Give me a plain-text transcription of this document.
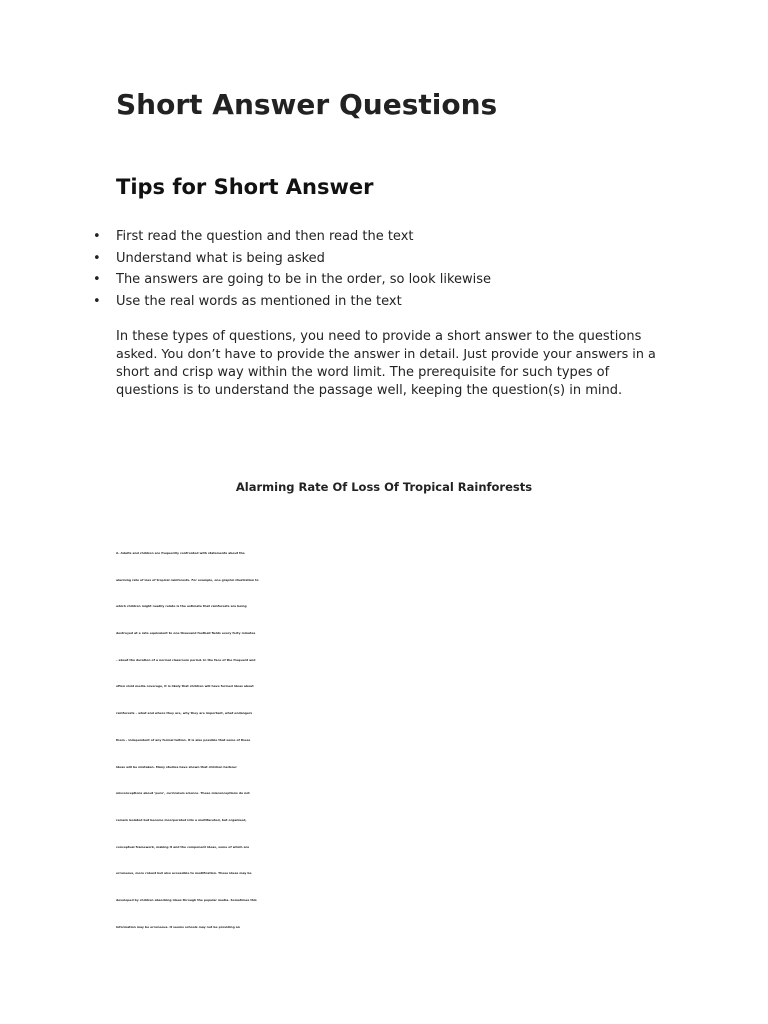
Short Answer Questions
Tips for Short Answer
• First read the question and then read the text
• Understand what is being asked
• The answers are going to be in the order, so look likewise
• Use the real words as mentioned in the text

In these types of questions, you need to provide a short answer to the questions
asked. You don’t have to provide the answer in detail. Just provide your answers in a
short and crisp way within the word limit. The prerequisite for such types of
questions is to understand the passage well, keeping the question(s) in mind.

Alarming Rate Of Loss Of Tropical Rainforests

A. Adults and children are frequently confronted with statements about the
alarming rate of loss of tropical rainforests. For example, one graphic illustration to
which children might readily relate is the estimate that rainforests are being
destroyed at a rate equivalent to one thousand football fields every forty minutes
– about the duration of a normal classroom period. In the face of the frequent and
often vivid media coverage, it is likely that children will have formed ideas about
rainforests – what and where they are, why they are important, what endangers
them – independent of any formal tuition. It is also possible that some of these
ideas will be mistaken. Many studies have shown that children harbour
misconceptions about ‘pure’, curriculum science. These misconceptions do not
remain isolated but become incorporated into a multifaceted, but organised,
conceptual framework, making it and the component ideas, some of which are
erroneous, more robust but also accessible to modification. These ideas may be
developed by children absorbing ideas through the popular media. Sometimes this
information may be erroneous. It seems schools may not be providing an
